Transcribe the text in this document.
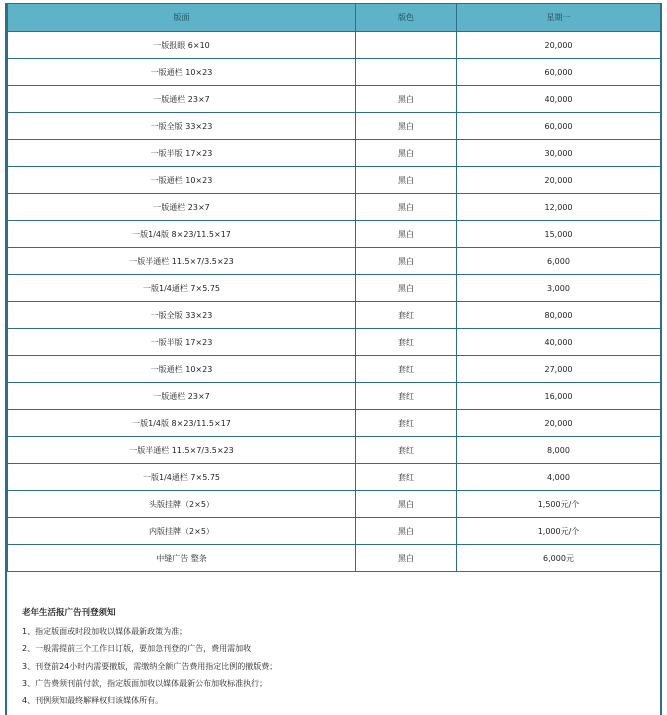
版面	版色	星期一
一版报眼 6×10		20,000
一版通栏 10×23		60,000
一版通栏 23×7	黑白	40,000
一版全版 33×23	黑白	60,000
一版半版 17×23	黑白	30,000
一版通栏 10×23	黑白	20,000
一版通栏 23×7	黑白	12,000
一版1/4版 8×23/11.5×17	黑白	15,000
一版半通栏 11.5×7/3.5×23	黑白	6,000
一版1/4通栏 7×5.75	黑白	3,000
一版全版 33×23	套红	80,000
一版半版 17×23	套红	40,000
一版通栏 10×23	套红	27,000
一版通栏 23×7	套红	16,000
一版1/4版 8×23/11.5×17	套红	20,000
一版半通栏 11.5×7/3.5×23	套红	8,000
一版1/4通栏 7×5.75	套红	4,000
头版挂牌（2×5）	黑白	1,500元/个
内版挂牌（2×5）	黑白	1,000元/个
中缝广告 整条	黑白	6,000元
老年生活报广告刊登须知
1、指定版面或时段加收以媒体最新政策为准；
2、一般需提前三个工作日订版，要加急刊登的广告，费用需加收
3、刊登前24小时内需要撤版，需缴纳全额广告费用指定比例的撤版费；
3、广告费须刊前付款，指定版面加收以媒体最新公布加收标准执行；
4、刊例须知最终解释权归该媒体所有。
